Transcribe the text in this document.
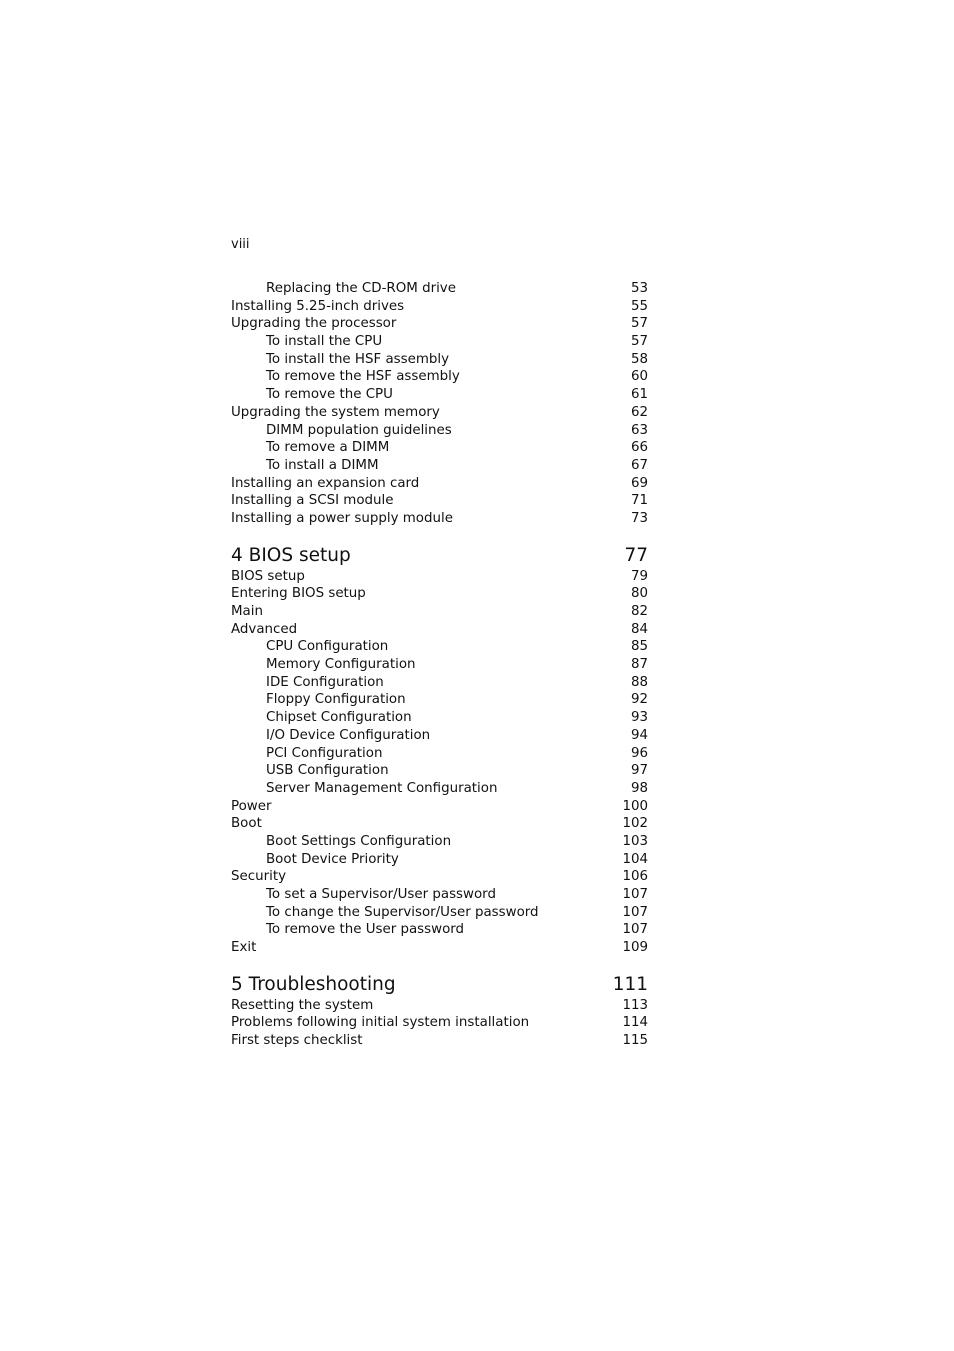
viii
Replacing the CD-ROM drive	53
Installing 5.25-inch drives	55
Upgrading the processor	57
To install the CPU	57
To install the HSF assembly	58
To remove the HSF assembly	60
To remove the CPU	61
Upgrading the system memory	62
DIMM population guidelines	63
To remove a DIMM	66
To install a DIMM	67
Installing an expansion card	69
Installing a SCSI module	71
Installing a power supply module	73
4 BIOS setup	77
BIOS setup	79
Entering BIOS setup	80
Main	82
Advanced	84
CPU Configuration	85
Memory Configuration	87
IDE Configuration	88
Floppy Configuration	92
Chipset Configuration	93
I/O Device Configuration	94
PCI Configuration	96
USB Configuration	97
Server Management Configuration	98
Power	100
Boot	102
Boot Settings Configuration	103
Boot Device Priority	104
Security	106
To set a Supervisor/User password	107
To change the Supervisor/User password	107
To remove the User password	107
Exit	109
5 Troubleshooting	111
Resetting the system	113
Problems following initial system installation	114
First steps checklist	115
